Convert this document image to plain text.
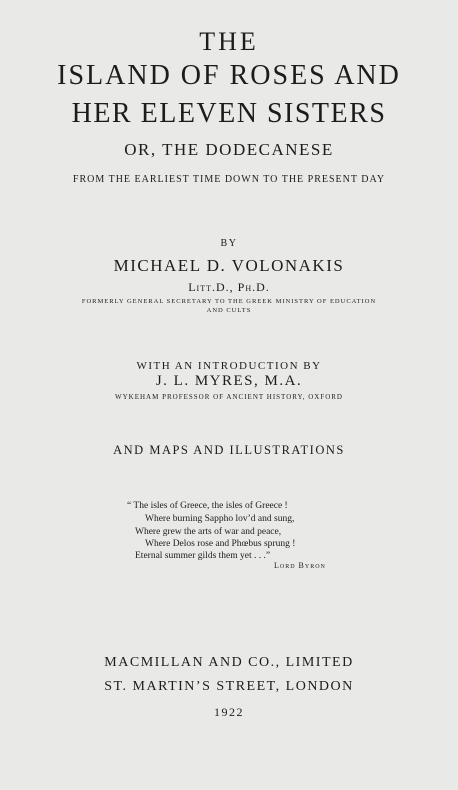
THE
ISLAND OF ROSES AND
HER ELEVEN SISTERS
OR, THE DODECANESE
FROM THE EARLIEST TIME DOWN TO THE PRESENT DAY
BY
MICHAEL D. VOLONAKIS
Litt.D., Ph.D.
FORMERLY GENERAL SECRETARY TO THE GREEK MINISTRY OF EDUCATION
AND CULTS
WITH AN INTRODUCTION BY
J. L. MYRES, M.A.
WYKEHAM PROFESSOR OF ANCIENT HISTORY, OXFORD
AND MAPS AND ILLUSTRATIONS
“ The isles of Greece, the isles of Greece !
Where burning Sappho lov’d and sung,
Where grew the arts of war and peace,
Where Delos rose and Phœbus sprung !
Eternal summer gilds them yet . . .”
Lord Byron
MACMILLAN AND CO., LIMITED
ST. MARTIN’S STREET, LONDON
1922
